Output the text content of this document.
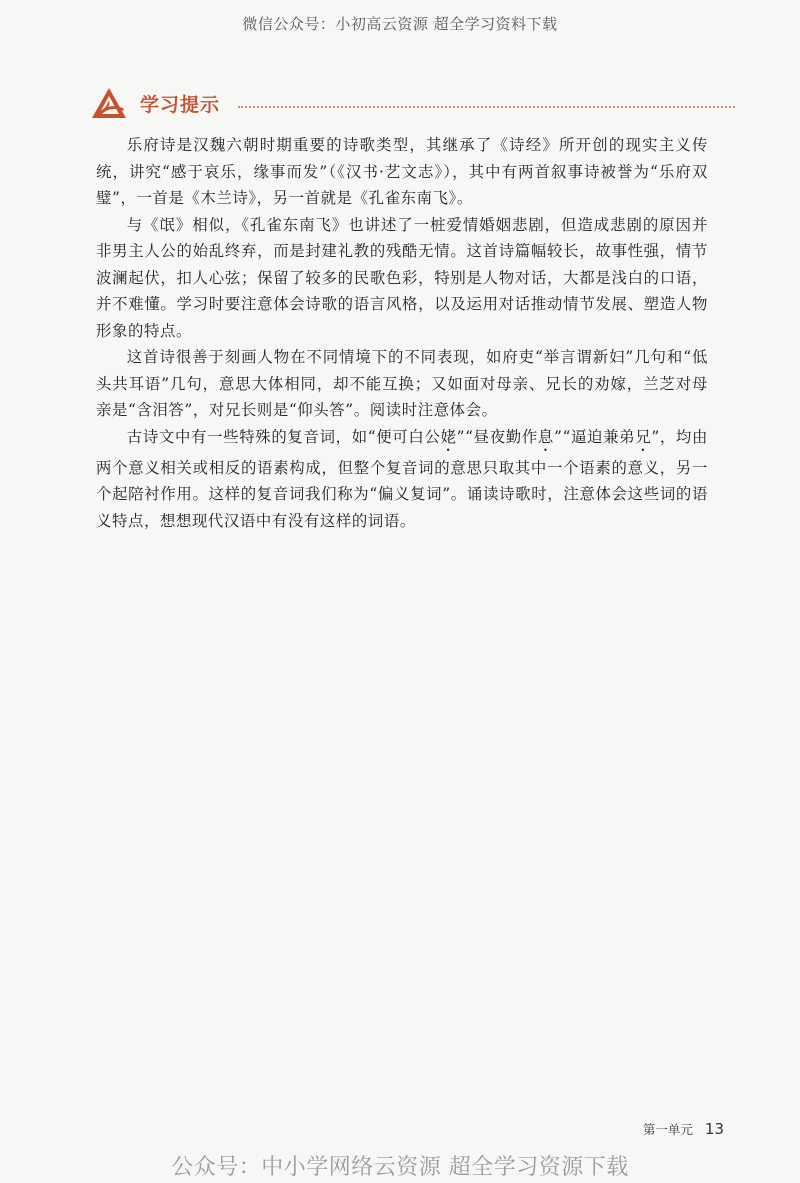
微信公众号：小初高云资源 超全学习资料下载
学习提示

乐府诗是汉魏六朝时期重要的诗歌类型，其继承了《诗经》所开创的现实主义传统，讲究“感于哀乐，缘事而发”（《汉书·艺文志》），其中有两首叙事诗被誉为“乐府双璧”，一首是《木兰诗》，另一首就是《孔雀东南飞》。

与《氓》相似，《孔雀东南飞》也讲述了一桩爱情婚姻悲剧，但造成悲剧的原因并非男主人公的始乱终弃，而是封建礼教的残酷无情。这首诗篇幅较长，故事性强，情节波澜起伏，扣人心弦；保留了较多的民歌色彩，特别是人物对话，大都是浅白的口语，并不难懂。学习时要注意体会诗歌的语言风格，以及运用对话推动情节发展、塑造人物形象的特点。

这首诗很善于刻画人物在不同情境下的不同表现，如府吏“举言谓新妇”几句和“低头共耳语”几句，意思大体相同，却不能互换；又如面对母亲、兄长的劝嫁，兰芝对母亲是“含泪答”，对兄长则是“仰头答”。阅读时注意体会。

古诗文中有一些特殊的复音词，如“便可白公姥”“昼夜勤作息”“逼迫兼弟兄”，均由两个意义相关或相反的语素构成，但整个复音词的意思只取其中一个语素的意义，另一个起陪衬作用。这样的复音词我们称为“偏义复词”。诵读诗歌时，注意体会这些词的语义特点，想想现代汉语中有没有这样的词语。

第一单元 13
公众号：中小学网络云资源 超全学习资源下载
